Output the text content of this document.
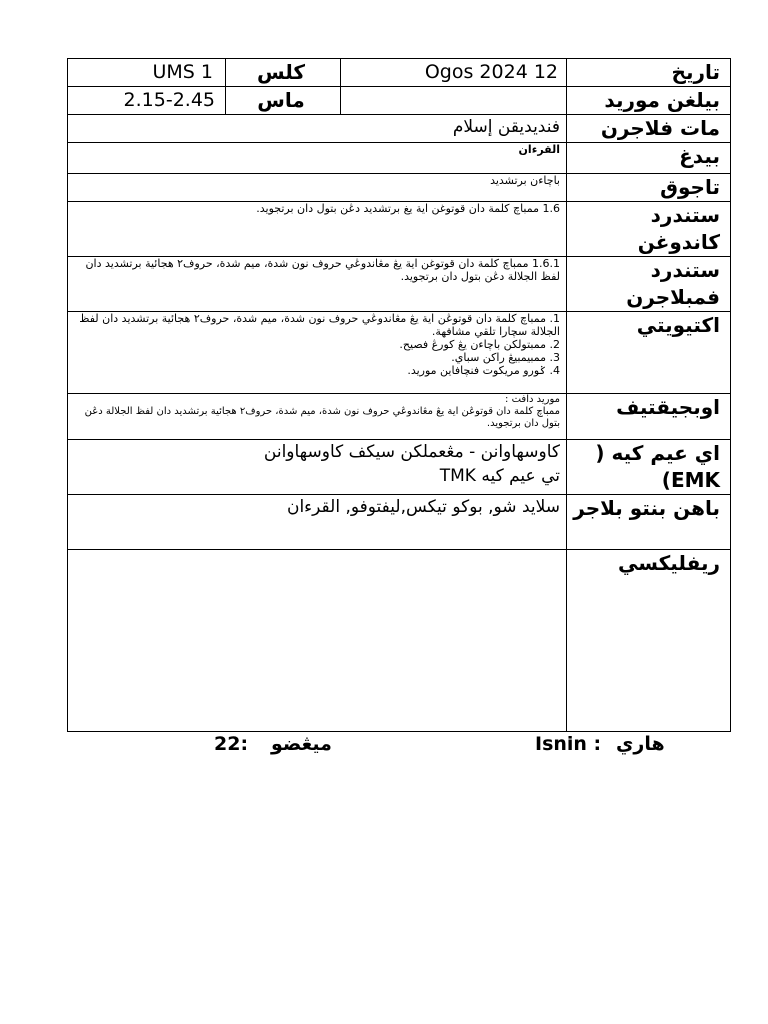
UMS 1	كلس	Ogos 2024 12	تاريخ
2.15-2.45	ماس		بيلغن موريد
فنديديقن إسلام			مات فلاجرن
القرءان			بيدغ
باچاءن برتشديد			تاجوق
1.6 ممباچ كلمة دان قوتوغن اية يغ برتشديد دڠن بتول دان برتجويد.			ستندرد كاندوغن
1.6.1 ممباچ كلمة دان قوتوغن اية يڠ مڠاندوڠي حروف نون شدة، ميم شدة، حروف٢ هجائية برتشديد دان لفظ الجلالة دڠن بتول دان برتجويد.			ستندرد فمبلاجرن

1. ممباچ كلمة دان قوتوڠن اية يڠ مڠاندوڠي حروف نون شدة، ميم شدة، حروف٢ هجائية برتشديد دان لفظ الجلالة سچارا تلقي مشافهة.
2. ممبتولكن باچاءن يڠ كورڠ فصيح.
3. ممبيمبيڠ راكن سباي.
4. ݢورو مريكوت فنچافاين موريد.			اكتيويتي

موريد دافت :
ممباچ كلمة دان قوتوڠن اية يڠ مڠاندوڠي حروف نون شدة، ميم شدة، حروف٢ هجائية برتشديد دان لفظ الجلالة دڠن بتول دان برتجويد.			اوبجيقتيف

كاوسهاوانن - مڠعملكن سيكف كاوسهاوانن
تي عيم كيه TMK			اي عيم كيه (
EMK)

سلايد شو, بوكو تيكس,ليفتوفو, القرءان			باهن بنتو بلاجر
			ريفليكسي
هاري
Isnin :
ميڠضو
22:
